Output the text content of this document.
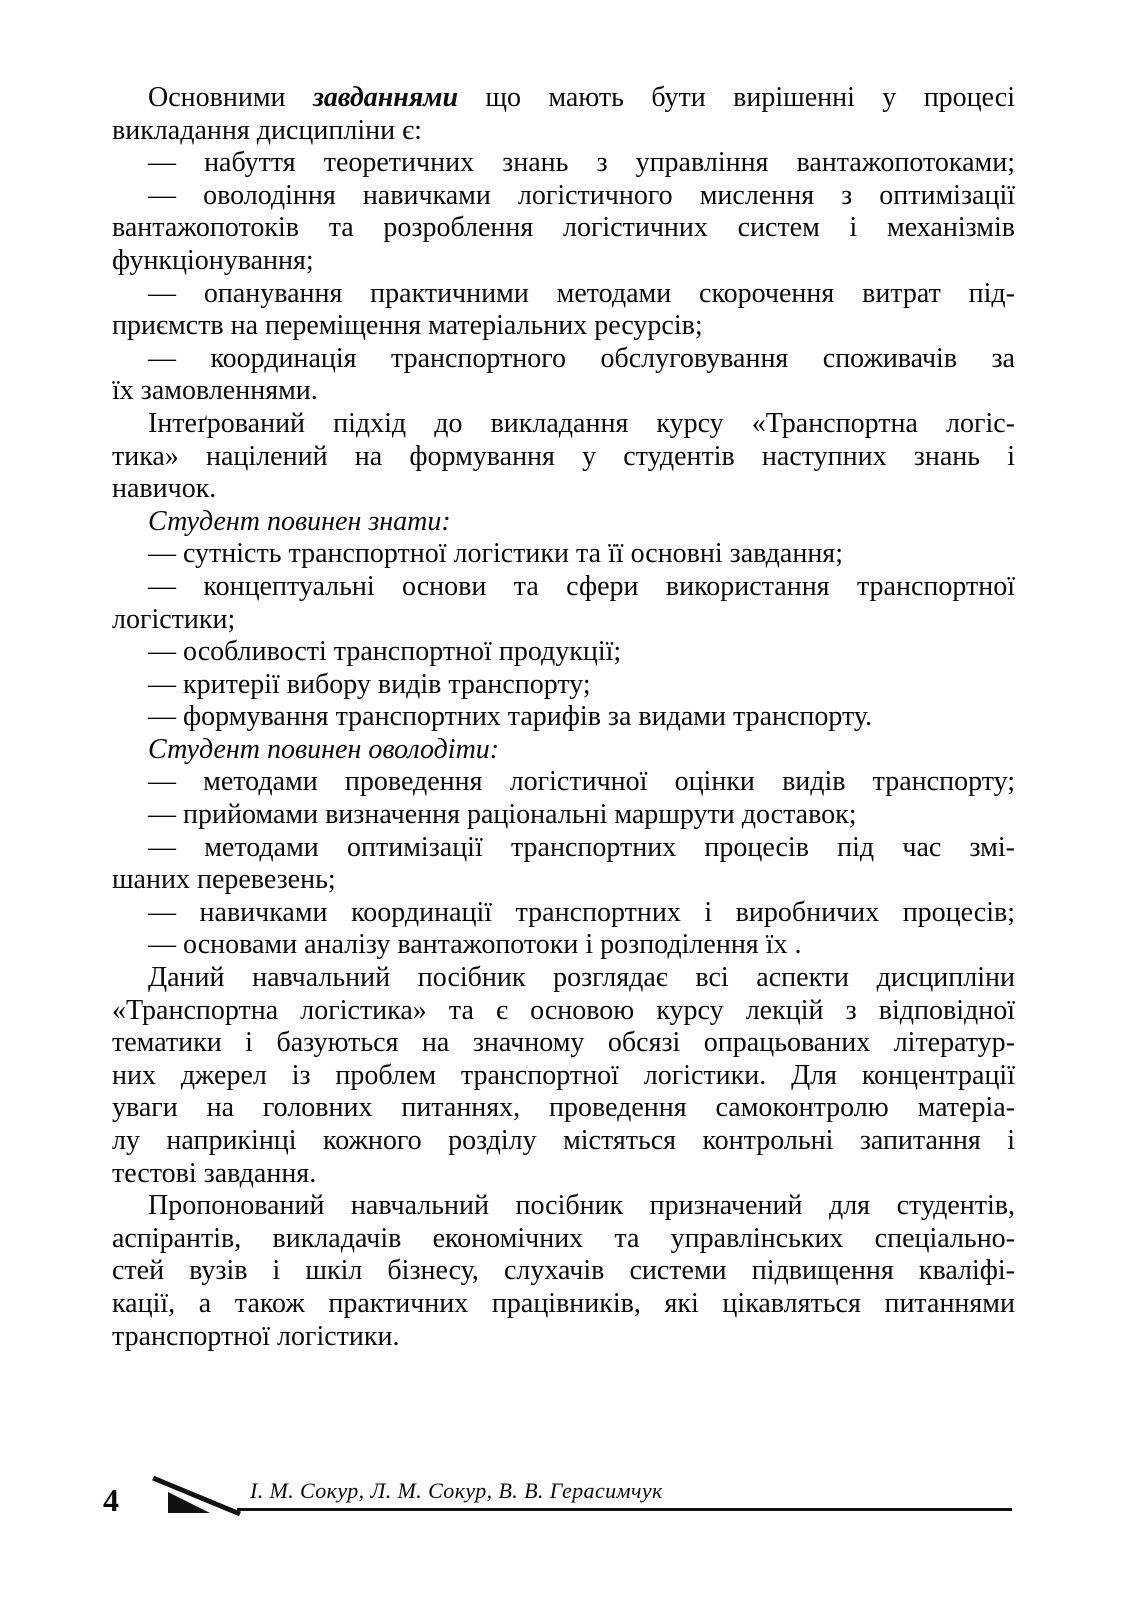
Основними завданнями що мають бути вирішенні у процесі
викладання дисципліни є:
— набуття теоретичних знань з управління вантажопотоками;
— оволодіння навичками логістичного мислення з оптимізації
вантажопотоків та розроблення логістичних систем і механізмів
функціонування;
— опанування практичними методами скорочення витрат під-
приємств на переміщення матеріальних ресурсів;
— координація транспортного обслуговування споживачів за
їх замовленнями.
Інтеґрований підхід до викладання курсу «Транспортна логіс-
тика» націлений на формування у студентів наступних знань і
навичок.
Студент повинен знати:
— сутність транспортної логістики та її основні завдання;
— концептуальні основи та сфери використання транспортної
логістики;
— особливості транспортної продукції;
— критерії вибору видів транспорту;
— формування транспортних тарифів за видами транспорту.
Студент повинен оволодіти:
— методами проведення логістичної оцінки видів транспорту;
— прийомами визначення раціональні маршрути доставок;
— методами оптимізації транспортних процесів під час змі-
шаних перевезень;
— навичками координації транспортних і виробничих процесів;
— основами аналізу вантажопотоки і розподілення їх .
Даний навчальний посібник розглядає всі аспекти дисципліни
«Транспортна логістика» та є основою курсу лекцій з відповідної
тематики і базуються на значному обсязі опрацьованих літератур-
них джерел із проблем транспортної логістики. Для концентрації
уваги на головних питаннях, проведення самоконтролю матеріа-
лу наприкінці кожного розділу містяться контрольні запитання і
тестові завдання.
Пропонований навчальний посібник призначений для студентів,
аспірантів, викладачів економічних та управлінських спеціально-
стей вузів і шкіл бізнесу, слухачів системи підвищення кваліфі-
кації, а також практичних працівників, які цікавляться питаннями
транспортної логістики.
4	І. М. Сокур, Л. М. Сокур, В. В. Герасимчук
